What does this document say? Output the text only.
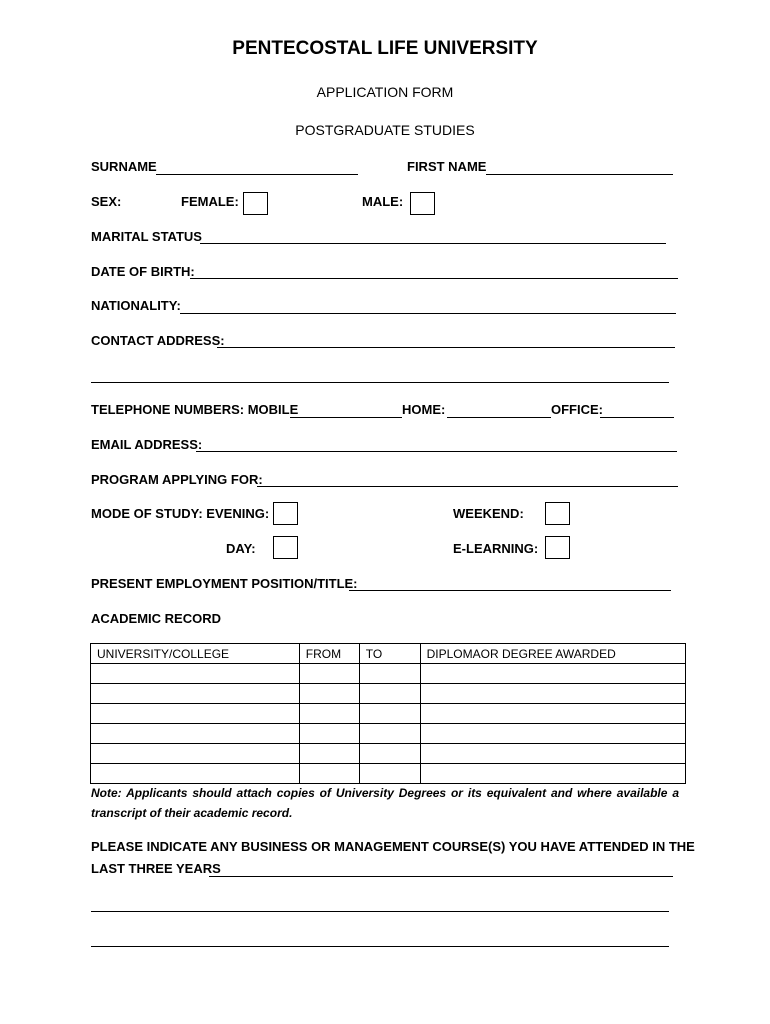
PENTECOSTAL LIFE UNIVERSITY
APPLICATION FORM
POSTGRADUATE STUDIES
SURNAME	FIRST NAME
SEX:	FEMALE:	MALE:
MARITAL STATUS
DATE OF BIRTH:
NATIONALITY:
CONTACT ADDRESS:
TELEPHONE NUMBERS: MOBILE	HOME:	OFFICE:
EMAIL ADDRESS:
PROGRAM APPLYING FOR:
MODE OF STUDY: EVENING:	WEEKEND:
DAY:	E-LEARNING:
PRESENT EMPLOYMENT POSITION/TITLE:
ACADEMIC RECORD
UNIVERSITY/COLLEGE	FROM	TO	DIPLOMAOR DEGREE AWARDED

Note: Applicants should attach copies of University Degrees or its equivalent and where available a
transcript of their academic record.
PLEASE INDICATE ANY BUSINESS OR MANAGEMENT COURSE(S) YOU HAVE ATTENDED IN THE
LAST THREE YEARS
